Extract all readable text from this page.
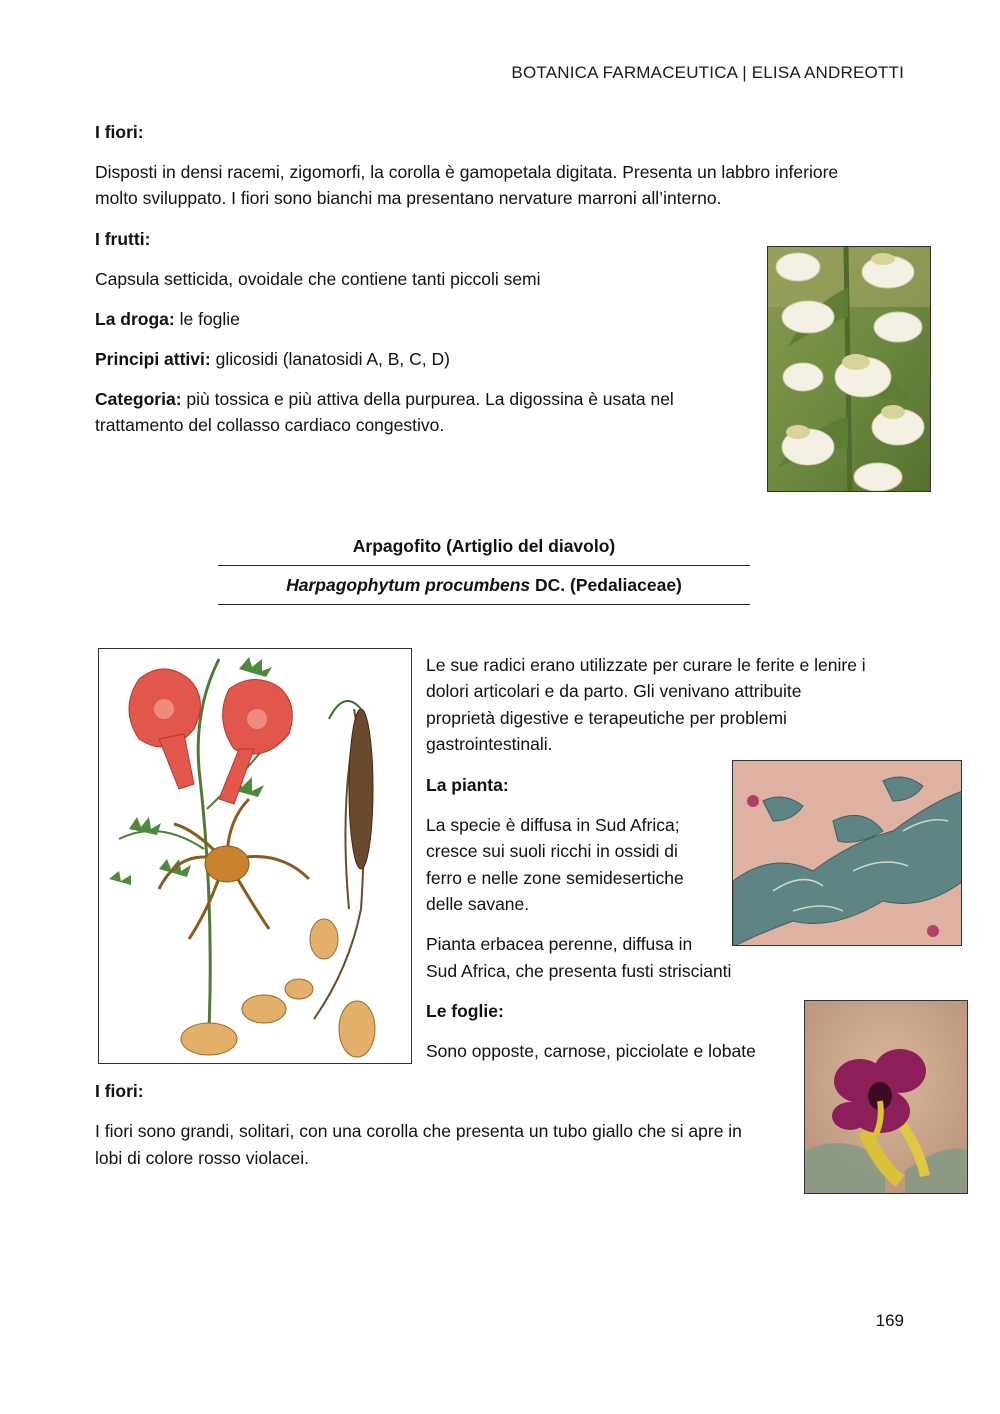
BOTANICA FARMACEUTICA | ELISA ANDREOTTI

I fiori:

Disposti in densi racemi, zigomorfi, la corolla è gamopetala digitata. Presenta un labbro inferiore

molto sviluppato. I fiori sono bianchi ma presentano nervature marroni all’interno.

I frutti:

Capsula setticida, ovoidale che contiene tanti piccoli semi

La droga: le foglie

Principi attivi: glicosidi (lanatosidi A, B, C, D)

Categoria: più tossica e più attiva della purpurea. La digossina è usata nel

trattamento del collasso cardiaco congestivo.

Arpagofito (Artiglio del diavolo)

Harpagophytum procumbens DC. (Pedaliaceae)

Le sue radici erano utilizzate per curare le ferite e lenire i

dolori articolari e da parto. Gli venivano attribuite

proprietà digestive e terapeutiche per problemi

gastrointestinali.

La pianta:

La specie è diffusa in Sud Africa;

cresce sui suoli ricchi in ossidi di

ferro e nelle zone semidesertiche

delle savane.

Pianta erbacea perenne, diffusa in

Sud Africa, che presenta fusti striscianti

Le foglie:

Sono opposte, carnose, picciolate e lobate

I fiori:

I fiori sono grandi, solitari, con una corolla che presenta un tubo giallo che si apre in

lobi di colore rosso violacei.

169
